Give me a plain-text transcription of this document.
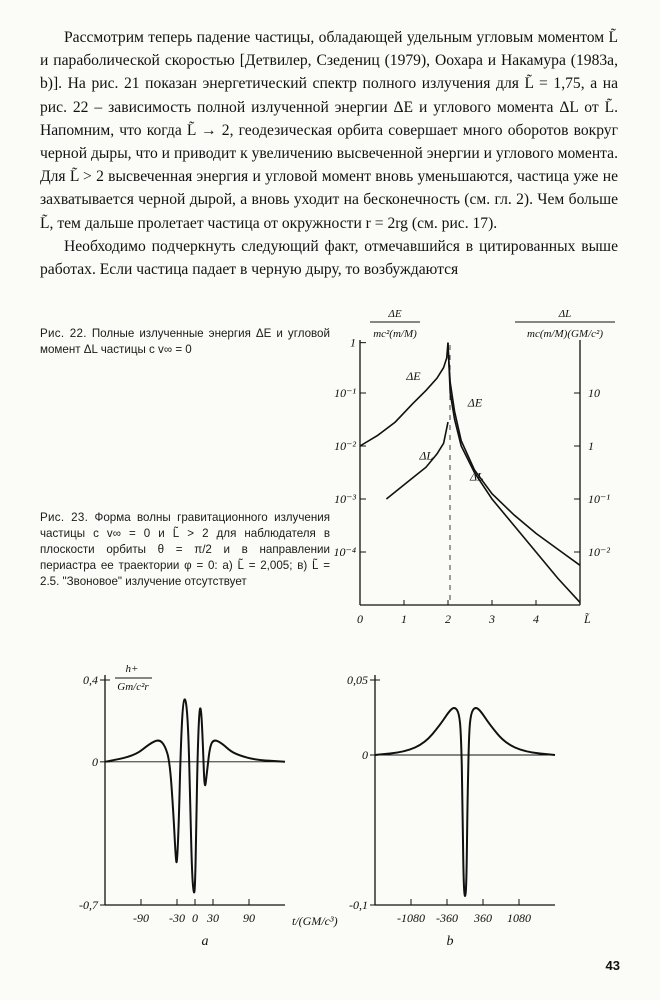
Рассмотрим теперь падение частицы, обладающей удельным угловым моментом L̃ и параболической скоростью [Детвилер, Сзедениц (1979), Оохара и Накамура (1983а, b)]. На рис. 21 показан энергетический спектр полного излучения для L̃ = 1,75, а на рис. 22 – зависимость полной излученной энергии ΔE и углового момента ΔL от L̃. Напомним, что когда L̃ → 2, геодезическая орбита совершает много оборотов вокруг черной дыры, что и приводит к увеличению высвеченной энергии и углового момента. Для L̃ > 2 высвеченная энергия и угловой момент вновь уменьшаются, частица уже не захватывается черной дырой, а вновь уходит на бесконечность (см. гл. 2). Чем больше L̃, тем дальше пролетает частица от окружности r = 2rg (см. рис. 17).

Необходимо подчеркнуть следующий факт, отмечавшийся в цитированных выше работах. Если частица падает в черную дыру, то возбуждаются

Рис. 22. Полные излученные энергия ΔE и угловой момент ΔL частицы с v∞ = 0
Рис. 23. Форма волны гравитационного излучения частицы с v∞ = 0 и L̃ > 2 для наблюдателя в плоскости орбиты θ = π/2 и в направлении периастра ее траектории φ = 0: а) L̃ = 2,005; в) L̃ = 2.5. "Звоновое" излучение отсутствует
0	1	2	3	4	L̃
1
10⁻¹
10⁻²
10⁻³
10⁻⁴
10
1
10⁻¹
10⁻²
ΔE
ΔL
ΔE
ΔL
ΔE
mc²(m/M)
ΔL
mc(m/M)(GM/c²)
0,4
0
-0,7
-90 -30 0 30 90
h+
Gm/c²r
t/(GM/c³)
a
0,05
0
-0,1
-1080 -360 360 1080
b
43
